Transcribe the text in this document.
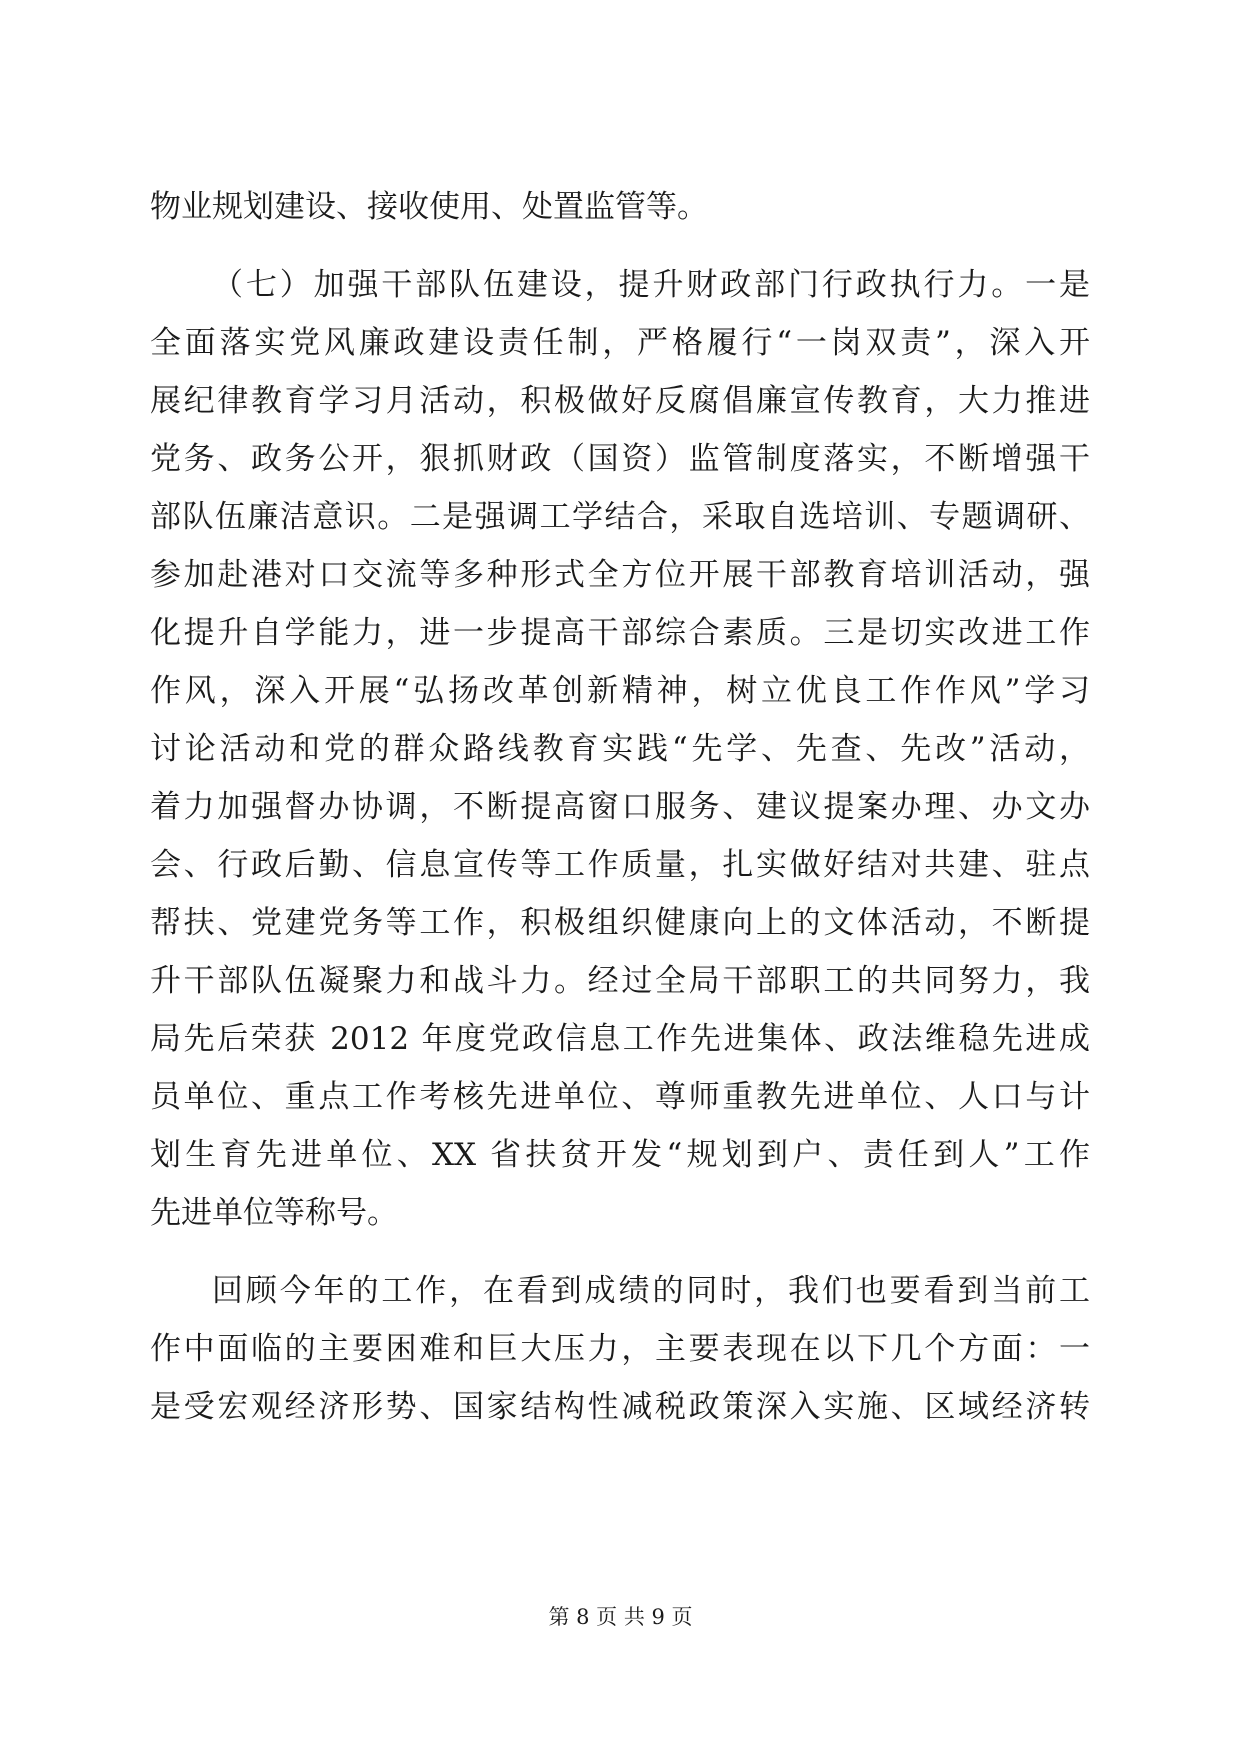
物业规划建设、接收使用、处置监管等。
（七）加强干部队伍建设，提升财政部门行政执行力。一是
全面落实党风廉政建设责任制，严格履行“一岗双责”，深入开
展纪律教育学习月活动，积极做好反腐倡廉宣传教育，大力推进
党务、政务公开，狠抓财政（国资）监管制度落实，不断增强干
部队伍廉洁意识。二是强调工学结合，采取自选培训、专题调研、
参加赴港对口交流等多种形式全方位开展干部教育培训活动，强
化提升自学能力，进一步提高干部综合素质。三是切实改进工作
作风，深入开展“弘扬改革创新精神，树立优良工作作风”学习
讨论活动和党的群众路线教育实践“先学、先查、先改”活动，
着力加强督办协调，不断提高窗口服务、建议提案办理、办文办
会、行政后勤、信息宣传等工作质量，扎实做好结对共建、驻点
帮扶、党建党务等工作，积极组织健康向上的文体活动，不断提
升干部队伍凝聚力和战斗力。经过全局干部职工的共同努力，我
局先后荣获 2012 年度党政信息工作先进集体、政法维稳先进成
员单位、重点工作考核先进单位、尊师重教先进单位、人口与计
划生育先进单位、XX 省扶贫开发“规划到户、责任到人”工作
先进单位等称号。
回顾今年的工作，在看到成绩的同时，我们也要看到当前工
作中面临的主要困难和巨大压力，主要表现在以下几个方面：一
是受宏观经济形势、国家结构性减税政策深入实施、区域经济转
第 8 页 共 9 页
